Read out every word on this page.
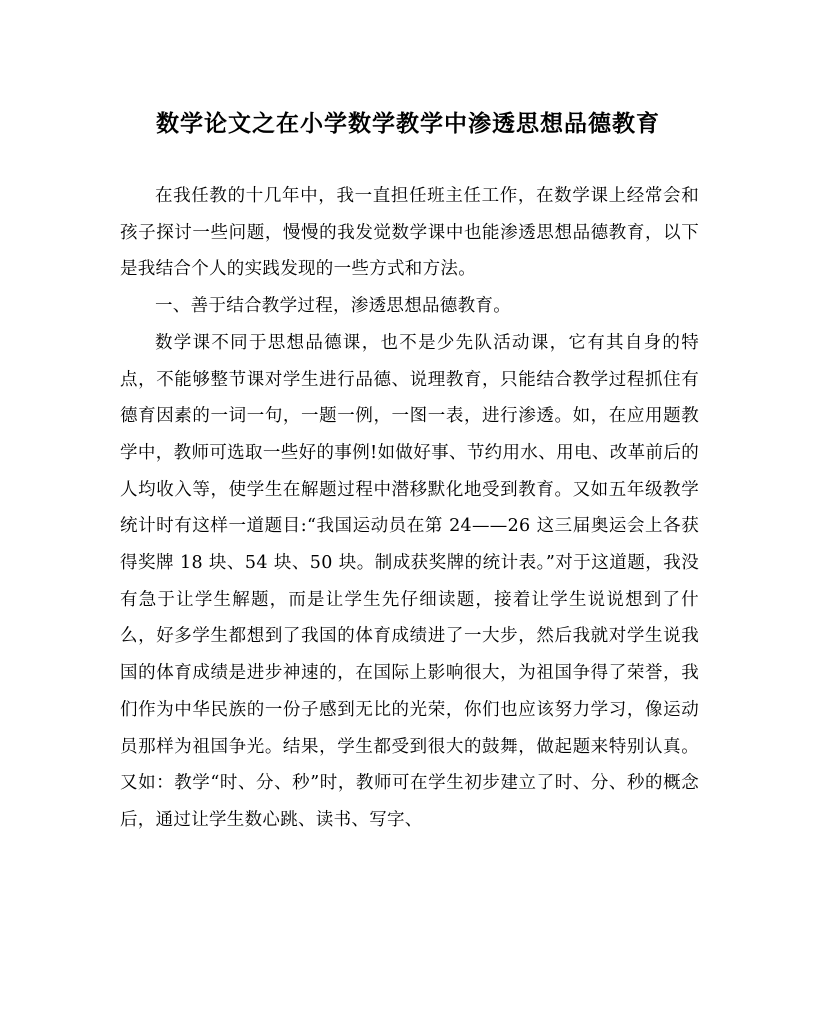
数学论文之在小学数学教学中渗透思想品德教育

在我任教的十几年中，我一直担任班主任工作，在数学课上经常会和孩子探讨一些问题，慢慢的我发觉数学课中也能渗透思想品德教育，以下是我结合个人的实践发现的一些方式和方法。

一、善于结合教学过程，渗透思想品德教育。

数学课不同于思想品德课，也不是少先队活动课，它有其自身的特点，不能够整节课对学生进行品德、说理教育，只能结合教学过程抓住有德育因素的一词一句，一题一例，一图一表，进行渗透。如，在应用题教学中，教师可选取一些好的事例!如做好事、节约用水、用电、改革前后的人均收入等，使学生在解题过程中潜移默化地受到教育。又如五年级教学统计时有这样一道题目:“我国运动员在第 24——26 这三届奥运会上各获得奖牌 18 块、54 块、50 块。制成获奖牌的统计表。”对于这道题，我没有急于让学生解题，而是让学生先仔细读题，接着让学生说说想到了什么，好多学生都想到了我国的体育成绩进了一大步，然后我就对学生说我国的体育成绩是进步神速的，在国际上影响很大，为祖国争得了荣誉，我们作为中华民族的一份子感到无比的光荣，你们也应该努力学习，像运动员那样为祖国争光。结果，学生都受到很大的鼓舞，做起题来特别认真。又如：教学“时、分、秒”时，教师可在学生初步建立了时、分、秒的概念后，通过让学生数心跳、读书、写字、
